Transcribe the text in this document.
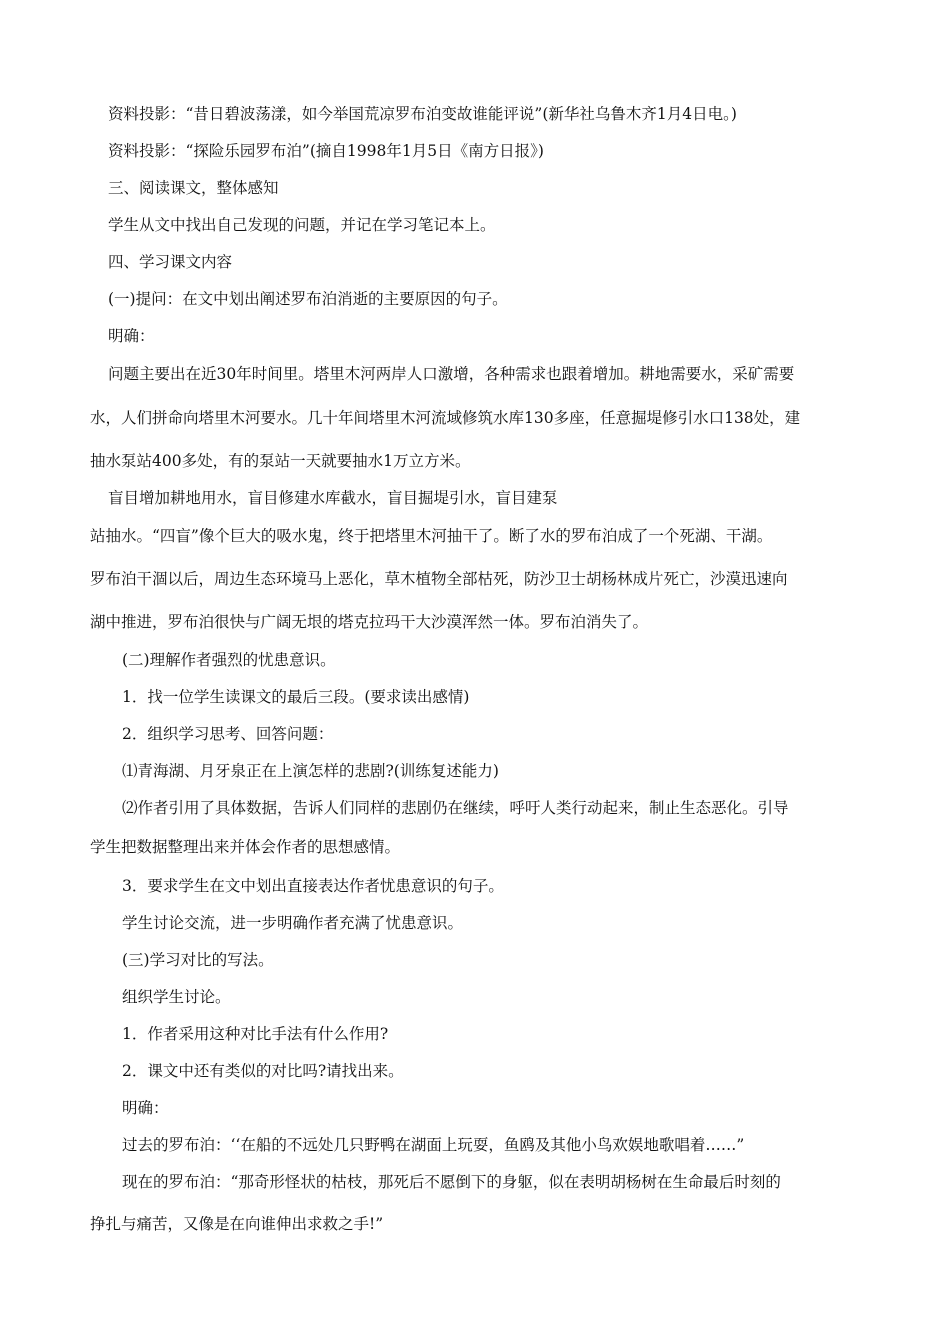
资料投影：“昔日碧波荡漾，如今举国荒凉罗布泊变故谁能评说”(新华社乌鲁木齐1月4日电。)

资料投影：“探险乐园罗布泊”(摘自1998年1月5日《南方日报》)

三、阅读课文，整体感知

学生从文中找出自己发现的问题，并记在学习笔记本上。

四、学习课文内容

(一)提问：在文中划出阐述罗布泊消逝的主要原因的句子。

明确：

问题主要出在近30年时间里。塔里木河两岸人口激增，各种需求也跟着增加。耕地需要水，采矿需要

水，人们拼命向塔里木河要水。几十年间塔里木河流域修筑水库130多座，任意掘堤修引水口138处，建

抽水泵站400多处，有的泵站一天就要抽水1万立方米。

盲目增加耕地用水，盲目修建水库截水，盲目掘堤引水，盲目建泵

站抽水。“四盲”像个巨大的吸水鬼，终于把塔里木河抽干了。断了水的罗布泊成了一个死湖、干湖。

罗布泊干涸以后，周边生态环境马上恶化，草木植物全部枯死，防沙卫士胡杨林成片死亡，沙漠迅速向

湖中推进，罗布泊很快与广阔无垠的塔克拉玛干大沙漠浑然一体。罗布泊消失了。

(二)理解作者强烈的忧患意识。

1．找一位学生读课文的最后三段。(要求读出感情)

2．组织学习思考、回答问题：

⑴青海湖、月牙泉正在上演怎样的悲剧?(训练复述能力)

⑵作者引用了具体数据，告诉人们同样的悲剧仍在继续，呼吁人类行动起来，制止生态恶化。引导

学生把数据整理出来并体会作者的思想感情。

3．要求学生在文中划出直接表达作者忧患意识的句子。

学生讨论交流，进一步明确作者充满了忧患意识。

(三)学习对比的写法。

组织学生讨论。

1．作者采用这种对比手法有什么作用?

2．课文中还有类似的对比吗?请找出来。

明确：

过去的罗布泊：‘‘在船的不远处几只野鸭在湖面上玩耍，鱼鸥及其他小鸟欢娱地歌唱着……”

现在的罗布泊：“那奇形怪状的枯枝，那死后不愿倒下的身躯，似在表明胡杨树在生命最后时刻的

挣扎与痛苦，又像是在向谁伸出求救之手!”
